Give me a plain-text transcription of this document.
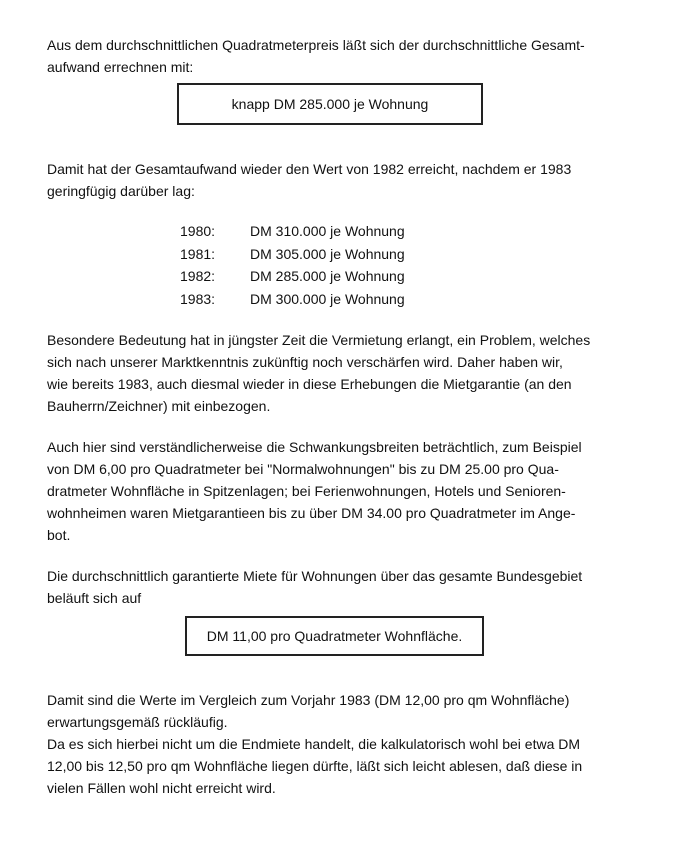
Aus dem durchschnittlichen Quadratmeterpreis läßt sich der durchschnittliche Gesamt-
aufwand errechnen mit:

knapp DM 285.000 je Wohnung

Damit hat der Gesamtaufwand wieder den Wert von 1982 erreicht, nachdem er 1983
geringfügig darüber lag:

1980:	DM 310.000 je Wohnung
1981:	DM 305.000 je Wohnung
1982:	DM 285.000 je Wohnung
1983:	DM 300.000 je Wohnung

Besondere Bedeutung hat in jüngster Zeit die Vermietung erlangt, ein Problem, welches
sich nach unserer Marktkenntnis zukünftig noch verschärfen wird. Daher haben wir,
wie bereits 1983, auch diesmal wieder in diese Erhebungen die Mietgarantie (an den
Bauherrn/Zeichner) mit einbezogen.

Auch hier sind verständlicherweise die Schwankungsbreiten beträchtlich, zum Beispiel
von DM 6,00 pro Quadratmeter bei "Normalwohnungen" bis zu DM 25.00 pro Qua-
dratmeter Wohnfläche in Spitzenlagen; bei Ferienwohnungen, Hotels und Senioren-
wohnheimen waren Mietgarantieen bis zu über DM 34.00 pro Quadratmeter im Ange-
bot.

Die durchschnittlich garantierte Miete für Wohnungen über das gesamte Bundesgebiet
beläuft sich auf

DM 11,00 pro Quadratmeter Wohnfläche.

Damit sind die Werte im Vergleich zum Vorjahr 1983 (DM 12,00 pro qm Wohnfläche)
erwartungsgemäß rückläufig.
Da es sich hierbei nicht um die Endmiete handelt, die kalkulatorisch wohl bei etwa DM
12,00 bis 12,50 pro qm Wohnfläche liegen dürfte, läßt sich leicht ablesen, daß diese in
vielen Fällen wohl nicht erreicht wird.
